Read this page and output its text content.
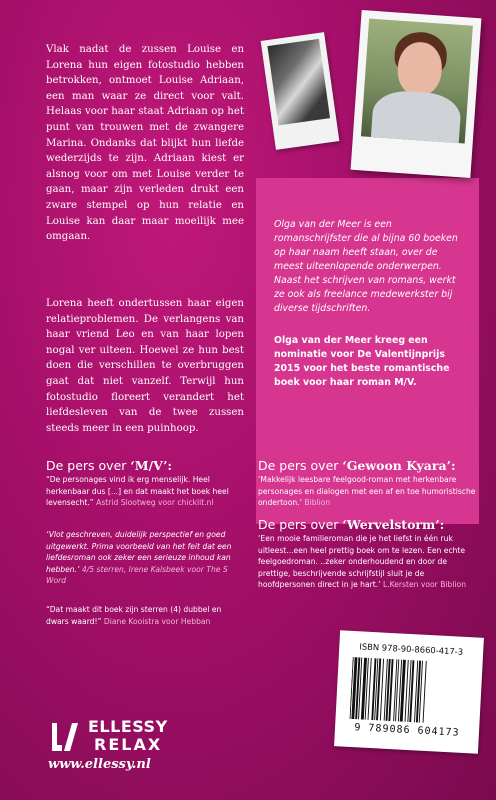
Vlak nadat de zussen Louise en Lorena hun eigen fotostudio hebben betrokken, ontmoet Louise Adriaan, een man waar ze direct voor valt. Helaas voor haar staat Adriaan op het punt van trouwen met de zwangere Marina. Ondanks dat blijkt hun liefde wederzijds te zijn. Adriaan kiest er alsnog voor om met Louise verder te gaan, maar zijn verleden drukt een zware stempel op hun relatie en Louise kan daar maar moeilijk mee omgaan.

Lorena heeft ondertussen haar eigen relatieproblemen. De verlangens van haar vriend Leo en van haar lopen nogal ver uiteen. Hoewel ze hun best doen die verschillen te overbruggen gaat dat niet vanzelf. Terwijl hun fotostudio floreert verandert het liefdesleven van de twee zussen steeds meer in een puinhoop.

Olga van der Meer is een romanschrijfster die al bijna 60 boeken op haar naam heeft staan, over de meest uiteenlopende onderwerpen. Naast het schrijven van romans, werkt ze ook als freelance medewerkster bij diverse tijdschriften.

Olga van der Meer kreeg een nominatie voor De Valentijnprijs 2015 voor het beste romantische boek voor haar roman M/V.

De pers over ‘M/V’:

“De personages vind ik erg menselijk. Heel herkenbaar dus [...] en dat maakt het boek heel levensecht.” Astrid Slootweg voor chicklit.nl

‘Vlot geschreven, duidelijk perspectief en goed uitgewerkt. Prima voorbeeld van het feit dat een liefdesroman ook zeker een serieuze inhoud kan hebben.’ 4/5 sterren, Irene Kalsbeek voor The S Word

“Dat maakt dit boek zijn sterren (4) dubbel en dwars waard!” Diane Kooistra voor Hebban

De pers over ‘Gewoon Kyara’:

‘Makkelijk leesbare feelgood-roman met herkenbare personages en dialogen met een af en toe humoristische ondertoon.’ Biblion

De pers over ‘Wervelstorm’:

‘Een mooie familieroman die je het liefst in één ruk uitleest...een heel prettig boek om te lezen. Een echte feelgoedroman. ..zeker onderhoudend en door de prettige, beschrijvende schrijfstijl sluit je de hoofdpersonen direct in je hart.’ L.Kersten voor Biblion

ISBN 978-90-8660-417-3
9 789086 604173
ELLESSY
RELAX
www.ellessy.nl
